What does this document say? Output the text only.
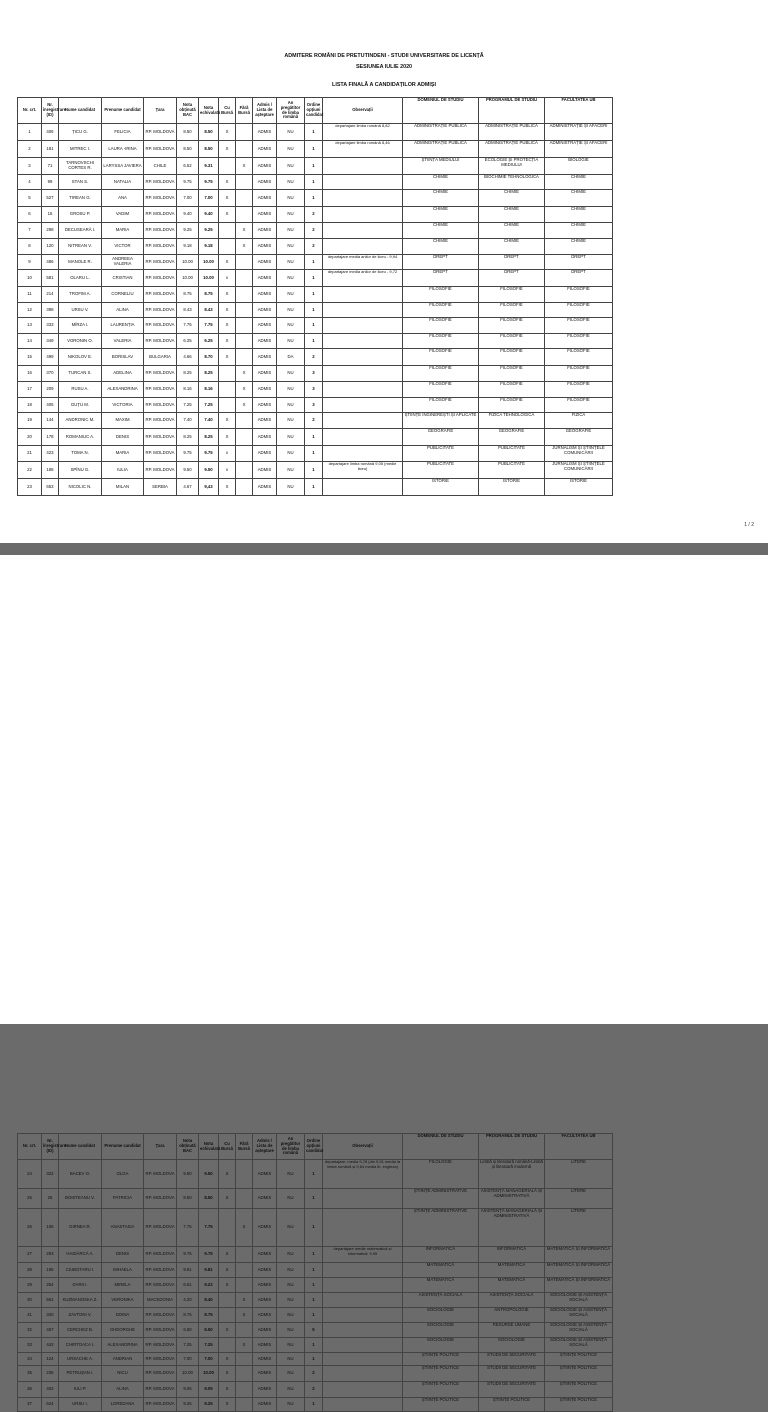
ADMITERE ROMÂNI DE PRETUTINDENI - STUDII UNIVERSITARE DE LICENȚĂ
SESIUNEA IULIE 2020
LISTA FINALĂ A CANDIDAȚILOR ADMIȘI
Nr. crt.	Nr. înregistrare (ID)	Nume candidat	Prenume candidat	Țara	Nota obținută BAC	Nota echivalată	Cu Bursă	Fără Bursă	Admis / Lista de așteptare	An pregătitor de limba română	Ordine opțiuni candidat	Observații	DOMENIUL DE STUDIU	PROGRAMUL DE STUDIU	FACULTATEA UB
1	406	ȚICU G.	FELICIA	RP. MOLDOVA	8.50	8.50	X		ADMIS	NU	1	departajare limba română 8,82	ADMINISTRAȚIE PUBLICĂ	ADMINISTRAȚIE PUBLICĂ	ADMINISTRAȚIE ȘI AFACERI
2	181	MITREC I.	LAURA -IRINA	RP. MOLDOVA	8.50	8.50	X		ADMIS	NU	1	departajare limba română 8,46	ADMINISTRAȚIE PUBLICĂ	ADMINISTRAȚIE PUBLICĂ	ADMINISTRAȚIE ȘI AFACERI
3	71	TARNOVSCHI CORTES R.	LARYSSA JAVIERA	CHILE	6.52	9.31		X	ADMIS	NU	1		ȘTIINȚA MEDIULUI	ECOLOGIE ȘI PROTECȚIA MEDIULUI	BIOLOGIE
4	99	STAN S.	NATALIA	RP. MOLDOVA	9.75	9.75	X		ADMIS	NU	1		CHIMIE	BIOCHIMIE TEHNOLOGICĂ	CHIMIE
5	527	TIREAN G.	ANA	RP. MOLDOVA	7.00	7.00	X		ADMIS	NU	1		CHIMIE	CHIMIE	CHIMIE
6	15	GROSU P.	VADIM	RP. MOLDOVA	9.40	9.40	X		ADMIS	NU	2		CHIMIE	CHIMIE	CHIMIE
7	298	DECUSEARĂ I.	MARIA	RP. MOLDOVA	9.25	9.25		X	ADMIS	NU	2		CHIMIE	CHIMIE	CHIMIE
8	120	NITREAN V.	VICTOR	RP. MOLDOVA	9.18	9.18		X	ADMIS	NU	2		CHIMIE	CHIMIE	CHIMIE
9	486	MANOLE R.	ANDREEA VALERIA	RP. MOLDOVA	10.00	10.00	X		ADMIS	NU	1	departajare media anilor de liceu - 9,94	DREPT	DREPT	DREPT
10	581	OLARU L.	CRISTIAN	RP. MOLDOVA	10.00	10.00	x		ADMIS	NU	1	departajare media anilor de liceu - 9,72	DREPT	DREPT	DREPT
11	214	TROFIM A.	CORNELIU	RP. MOLDOVA	8.75	8.75	X		ADMIS	NU	1		FILOSOFIE	FILOSOFIE	FILOSOFIE
12	398	URSU V.	ALINA	RP. MOLDOVA	8.43	8.43	X		ADMIS	NU	1		FILOSOFIE	FILOSOFIE	FILOSOFIE
13	333	MÎRZA I.	LAURENȚIA	RP. MOLDOVA	7.75	7.75	X		ADMIS	NU	1		FILOSOFIE	FILOSOFIE	FILOSOFIE
14	349	VORONIN O.	VALERIA	RP. MOLDOVA	6.25	6.25	X		ADMIS	NU	1		FILOSOFIE	FILOSOFIE	FILOSOFIE
15	499	NIKOLOV E.	BORISLAV	BULGARIA	4.66	8.70	X		ADMIS	DA	2		FILOSOFIE	FILOSOFIE	FILOSOFIE
16	370	TURCAN S.	ADELINA	RP. MOLDOVA	8.25	8.25		X	ADMIS	NU	3		FILOSOFIE	FILOSOFIE	FILOSOFIE
17	209	RUSU A.	ALEXANDRINA	RP. MOLDOVA	8.16	8.16		X	ADMIS	NU	3		FILOSOFIE	FILOSOFIE	FILOSOFIE
18	405	GUȚU M.	VICTORIA	RP. MOLDOVA	7.25	7.25		X	ADMIS	NU	3		FILOSOFIE	FILOSOFIE	FILOSOFIE
19	144	ANDRONIC M.	MAXIM	RP. MOLDOVA	7.40	7.40	X		ADMIS	NU	2		ȘTIINȚE INGINEREȘTI ȘI APLICATE	FIZICA TEHNOLOGICĂ	FIZICĂ
20	178	ROMANIUC A.	DENIS	RP. MOLDOVA	8.25	8.25	X		ADMIS	NU	1		GEOGRAFIE	GEOGRAFIE	GEOGRAFIE
21	423	TOMA N.	MARIA	RP. MOLDOVA	9.75	9.75	x		ADMIS	NU	1		PUBLICITATE	PUBLICITATE	JURNALISM ȘI ȘTIINȚELE COMUNICĂRII
22	188	SPÎNU G.	IULIA	RP. MOLDOVA	9.50	9.50	x		ADMIS	NU	1	departajare limba română 9,05 (medie liceu)	PUBLICITATE	PUBLICITATE	JURNALISM ȘI ȘTIINȚELE COMUNICĂRII
23	653	NICOLIC N.	MILAN	SERBIA	4.67	9,43	X		ADMIS	NU	1		ISTORIE	ISTORIE	ISTORIE
1 / 2
Nr. crt.	Nr. înregistrare (ID)	Nume candidat	Prenume candidat	Țara	Nota obținută BAC	Nota echivalată	Cu Bursă	Fără Bursă	Admis / Lista de așteptare	An pregătitor de limba română	Ordine opțiuni candidat	Observații	DOMENIUL DE STUDIU	PROGRAMUL DE STUDIU	FACULTATEA UB
24	322	BACEV O.	OLGA	RP. MOLDOVA	9.50	9.50	X		ADMIS	NU	1	departajare: media 9,78 (din 9,91 media la limba română și 9,64 media lb. engleza)	FILOLOGIE	Limbă și literatură română-Limbă și literatură modernă	LITERE
25	25	BOISTEANU V.	PATRICIA	RP. MOLDOVA	8.50	8.50	X		ADMIS	NU	1		ȘTIINȚE ADMINISTRATIVE	ASISTENȚĂ MANAGERIALĂ ȘI ADMINISTRATIVĂ	LITERE
26	106	GIRNEA R.	ANASTASIA	RP. MOLDOVA	7.75	7.75		X	ADMIS	NU	1		ȘTIINȚE ADMINISTRATIVE	ASISTENȚĂ MANAGERIALĂ ȘI ADMINISTRATIVĂ	LITERE
27	293	HAIDĂRCĂ A.	DENIS	RP. MOLDOVA	9.75	9.75	X		ADMIS	NU	1	departajare medie matematică și informatică: 9.95	INFORMATICĂ	INFORMATICĂ	MATEMATICĂ ȘI INFORMATICĂ
28	195	CIUBOTARU I.	MIHAELA	RP. MOLDOVA	9.81	9.81	X		ADMIS	NU	1		MATEMATICĂ	MATEMATICĂ	MATEMATICĂ ȘI INFORMATICĂ
29	254	DARII I.	MIRELA	RP. MOLDOVA	6.61	9.22	X		ADMIS	NU	1		MATEMATICĂ	MATEMATICĂ	MATEMATICĂ ȘI INFORMATICĂ
30	561	KUZMANOSKA Z.	VERONIKA	MACEDONIA	4.20	8.40		X	ADMIS	NU	1		ASISTENȚĂ SOCIALĂ	ASISTENȚĂ SOCIALĂ	SOCIOLOGIE ȘI ASISTENȚĂ SOCIALĂ
31	340	ZAVTONI V.	DOINA	RP. MOLDOVA	8.75	8.75		X	ADMIS	NU	1		SOCIOLOGIE	ANTROPOLOGIE	SOCIOLOGIE ȘI ASISTENȚĂ SOCIALĂ
32	467	CERCHEZ B.	GHEORGHE	RP. MOLDOVA	6.50	6.50	X		ADMIS	NU	5		SOCIOLOGIE	RESURSE UMANE	SOCIOLOGIE ȘI ASISTENȚĂ SOCIALĂ
33	442	CHIRTOACA I.	ALEXANDRINA	RP. MOLDOVA	7.25	7.25		X	ADMIS	NU	1		SOCIOLOGIE	SOCIOLOGIE	SOCIOLOGIE ȘI ASISTENȚĂ SOCIALĂ
34	124	URSACHE A.	ANDRIAN	RP. MOLDOVA	7.00	7.00	X		ADMIS	NU	1		ȘTIINȚE POLITICE	STUDII DE SECURITATE	ȘTIINȚE POLITICE
35	235	PETRUȘAN I.	NICU	RP. MOLDOVA	10.00	10.00	X		ADMIS	NU	2		ȘTIINȚE POLITICE	STUDII DE SECURITATE	ȘTIINȚE POLITICE
36	402	IULI P.	ALINA	RP. MOLDOVA	9.05	9.05	X		ADMIS	NU	2		ȘTIINȚE POLITICE	STUDII DE SECURITATE	ȘTIINȚE POLITICE
37	624	URSU I.	LOREDANA	RP. MOLDOVA	9.25	9.25	X		ADMIS	NU	1		ȘTIINȚE POLITICE	ȘTIINȚE POLITICE	ȘTIINȚE POLITICE
